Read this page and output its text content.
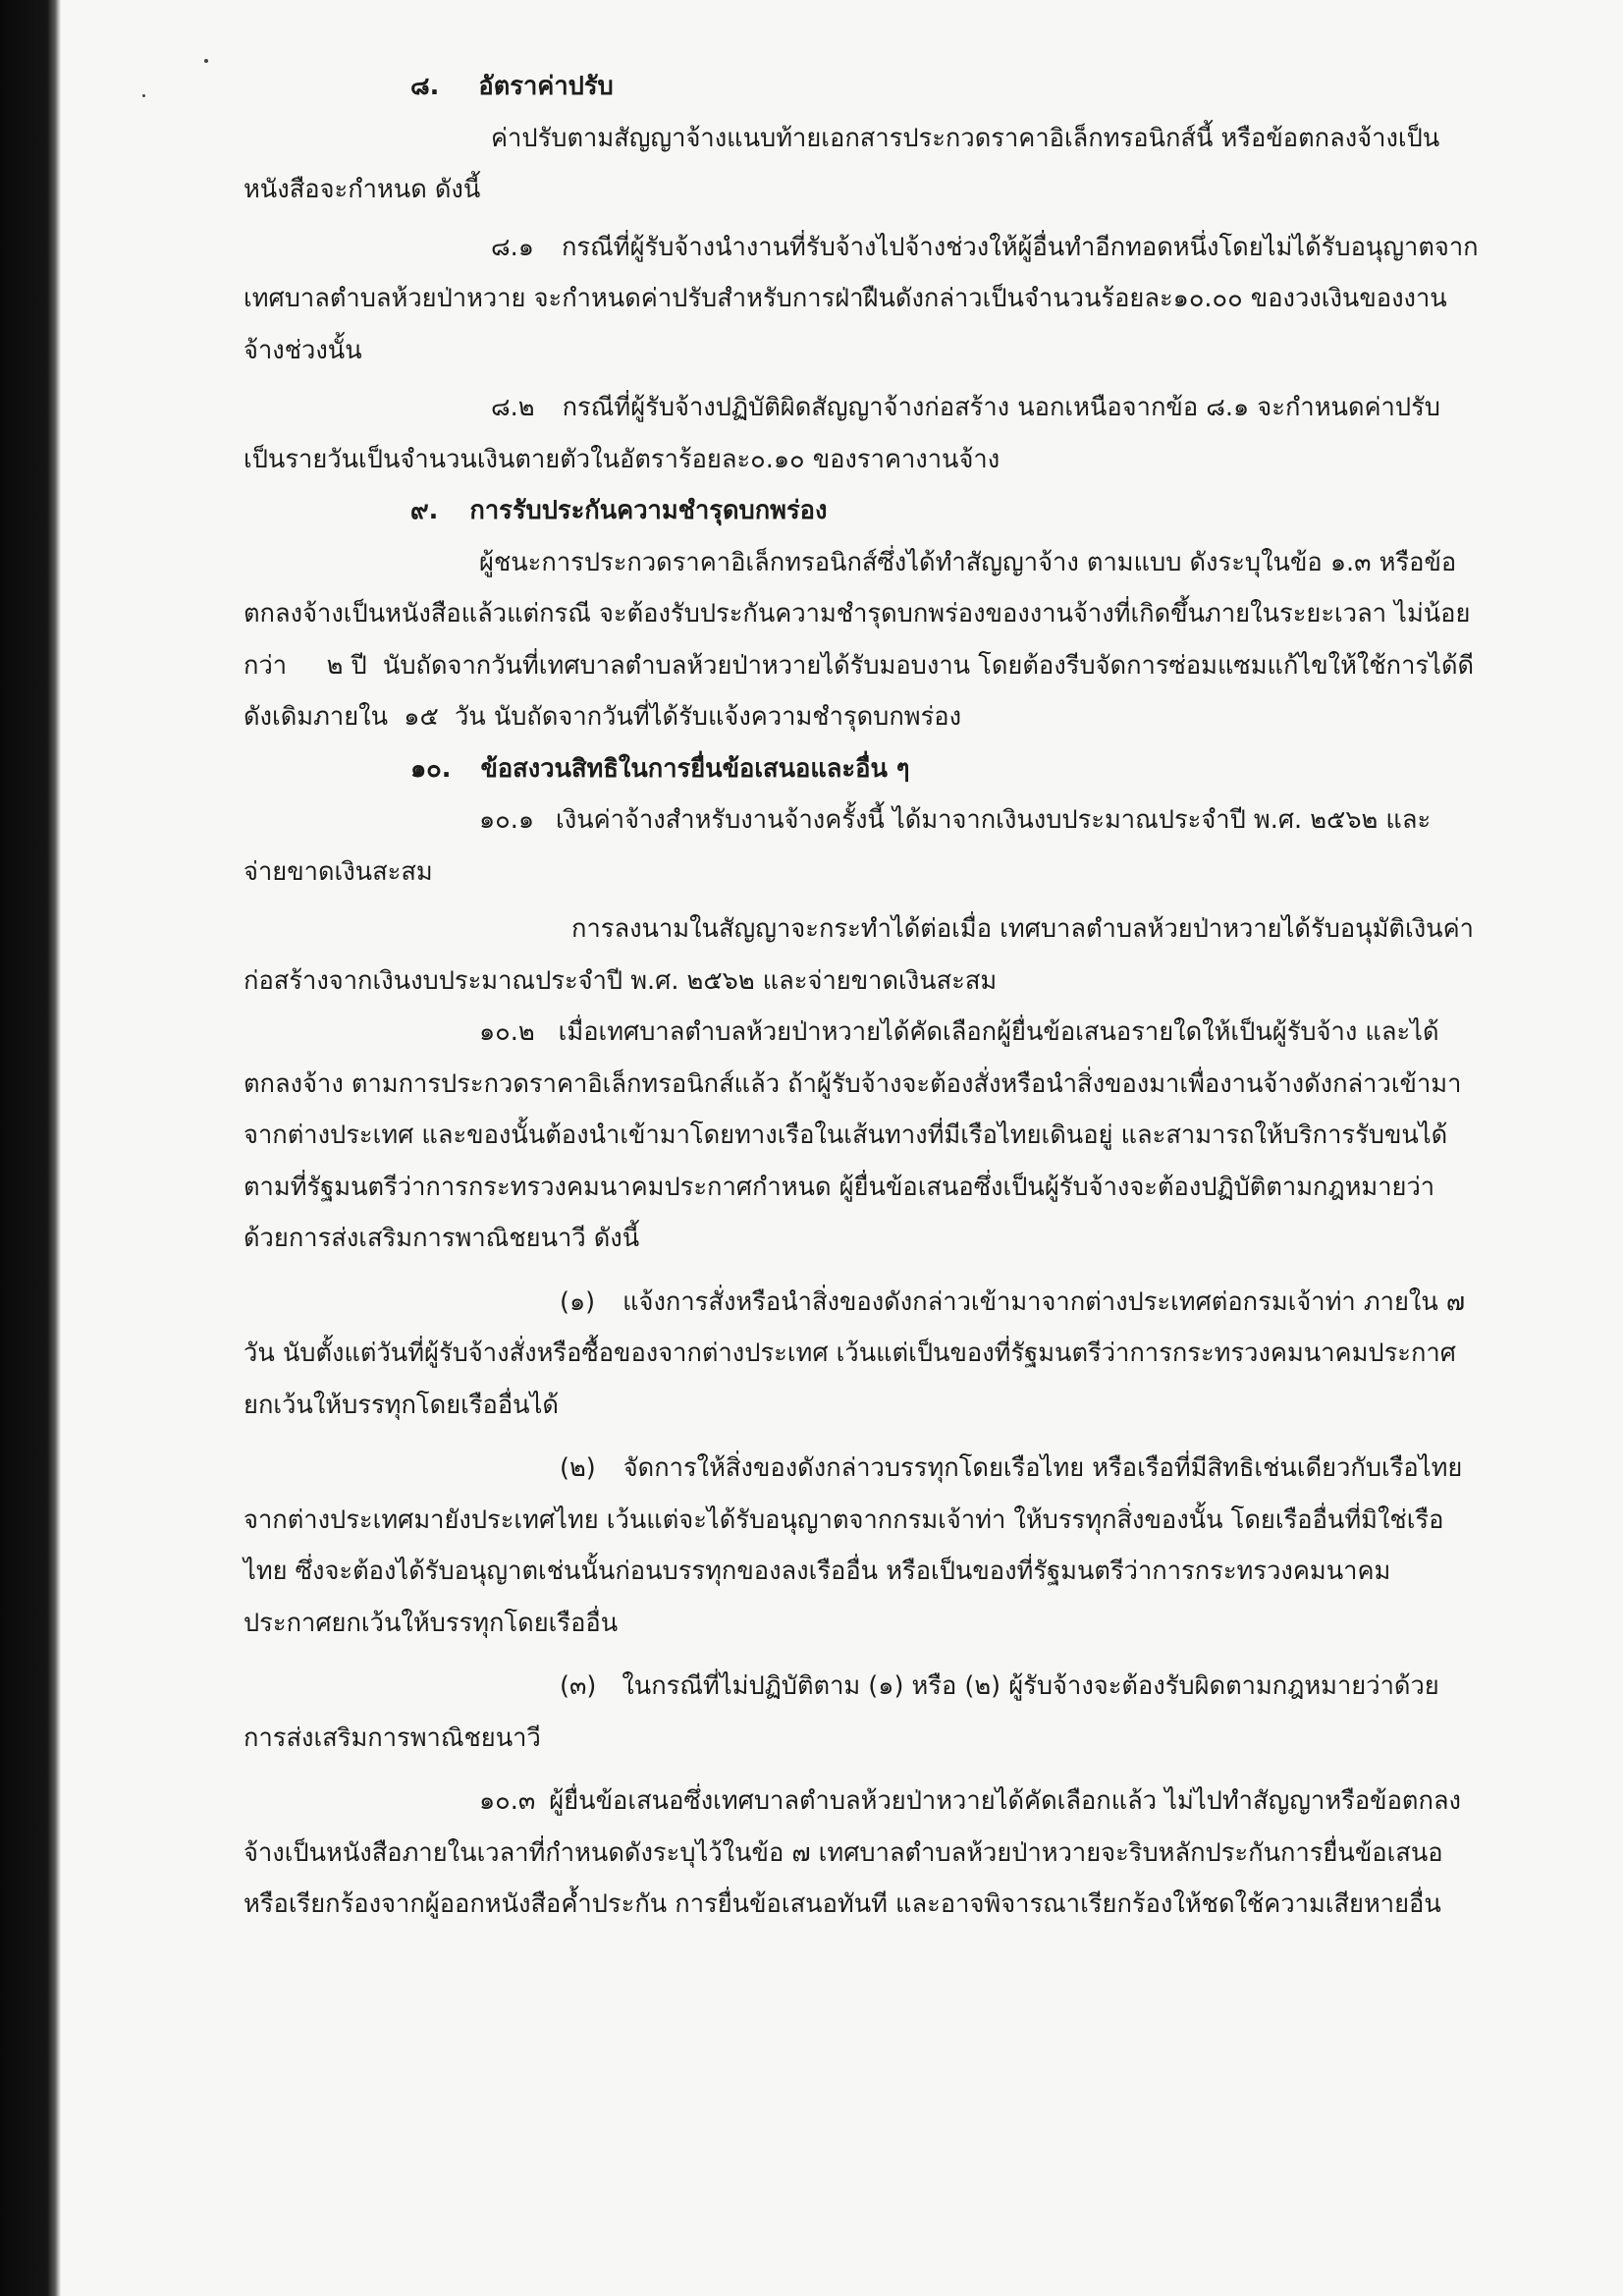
๘. อัตราค่าปรับ

ค่าปรับตามสัญญาจ้างแนบท้ายเอกสารประกวดราคาอิเล็กทรอนิกส์นี้ หรือข้อตกลงจ้างเป็น

หนังสือจะกำหนด ดังนี้

๘.๑ กรณีที่ผู้รับจ้างนำงานที่รับจ้างไปจ้างช่วงให้ผู้อื่นทำอีกทอดหนึ่งโดยไม่ได้รับอนุญาตจาก

เทศบาลตำบลห้วยป่าหวาย จะกำหนดค่าปรับสำหรับการฝ่าฝืนดังกล่าวเป็นจำนวนร้อยละ๑๐.๐๐ ของวงเงินของงาน

จ้างช่วงนั้น

๘.๒ กรณีที่ผู้รับจ้างปฏิบัติผิดสัญญาจ้างก่อสร้าง นอกเหนือจากข้อ ๘.๑ จะกำหนดค่าปรับ

เป็นรายวันเป็นจำนวนเงินตายตัวในอัตราร้อยละ๐.๑๐ ของราคางานจ้าง

๙. การรับประกันความชำรุดบกพร่อง

ผู้ชนะการประกวดราคาอิเล็กทรอนิกส์ซึ่งได้ทำสัญญาจ้าง ตามแบบ ดังระบุในข้อ ๑.๓ หรือข้อ

ตกลงจ้างเป็นหนังสือแล้วแต่กรณี จะต้องรับประกันความชำรุดบกพร่องของงานจ้างที่เกิดขึ้นภายในระยะเวลา ไม่น้อย

กว่า     ๒ ปี  นับถัดจากวันที่เทศบาลตำบลห้วยป่าหวายได้รับมอบงาน โดยต้องรีบจัดการซ่อมแซมแก้ไขให้ใช้การได้ดี

ดังเดิมภายใน  ๑๕  วัน นับถัดจากวันที่ได้รับแจ้งความชำรุดบกพร่อง

๑๐. ข้อสงวนสิทธิในการยื่นข้อเสนอและอื่น ๆ

๑๐.๑ เงินค่าจ้างสำหรับงานจ้างครั้งนี้ ได้มาจากเงินงบประมาณประจำปี พ.ศ. ๒๕๖๒ และ

จ่ายขาดเงินสะสม

การลงนามในสัญญาจะกระทำได้ต่อเมื่อ เทศบาลตำบลห้วยป่าหวายได้รับอนุมัติเงินค่า

ก่อสร้างจากเงินงบประมาณประจำปี พ.ศ. ๒๕๖๒ และจ่ายขาดเงินสะสม

๑๐.๒ เมื่อเทศบาลตำบลห้วยป่าหวายได้คัดเลือกผู้ยื่นข้อเสนอรายใดให้เป็นผู้รับจ้าง และได้

ตกลงจ้าง ตามการประกวดราคาอิเล็กทรอนิกส์แล้ว ถ้าผู้รับจ้างจะต้องสั่งหรือนำสิ่งของมาเพื่องานจ้างดังกล่าวเข้ามา

จากต่างประเทศ และของนั้นต้องนำเข้ามาโดยทางเรือในเส้นทางที่มีเรือไทยเดินอยู่ และสามารถให้บริการรับขนได้

ตามที่รัฐมนตรีว่าการกระทรวงคมนาคมประกาศกำหนด ผู้ยื่นข้อเสนอซึ่งเป็นผู้รับจ้างจะต้องปฏิบัติตามกฎหมายว่า

ด้วยการส่งเสริมการพาณิชยนาวี ดังนี้

(๑) แจ้งการสั่งหรือนำสิ่งของดังกล่าวเข้ามาจากต่างประเทศต่อกรมเจ้าท่า ภายใน ๗

วัน นับตั้งแต่วันที่ผู้รับจ้างสั่งหรือซื้อของจากต่างประเทศ เว้นแต่เป็นของที่รัฐมนตรีว่าการกระทรวงคมนาคมประกาศ

ยกเว้นให้บรรทุกโดยเรืออื่นได้

(๒) จัดการให้สิ่งของดังกล่าวบรรทุกโดยเรือไทย หรือเรือที่มีสิทธิเช่นเดียวกับเรือไทย

จากต่างประเทศมายังประเทศไทย เว้นแต่จะได้รับอนุญาตจากกรมเจ้าท่า ให้บรรทุกสิ่งของนั้น โดยเรืออื่นที่มิใช่เรือ

ไทย ซึ่งจะต้องได้รับอนุญาตเช่นนั้นก่อนบรรทุกของลงเรืออื่น หรือเป็นของที่รัฐมนตรีว่าการกระทรวงคมนาคม

ประกาศยกเว้นให้บรรทุกโดยเรืออื่น

(๓) ในกรณีที่ไม่ปฏิบัติตาม (๑) หรือ (๒) ผู้รับจ้างจะต้องรับผิดตามกฎหมายว่าด้วย

การส่งเสริมการพาณิชยนาวี

๑๐.๓ ผู้ยื่นข้อเสนอซึ่งเทศบาลตำบลห้วยป่าหวายได้คัดเลือกแล้ว ไม่ไปทำสัญญาหรือข้อตกลง

จ้างเป็นหนังสือภายในเวลาที่กำหนดดังระบุไว้ในข้อ ๗ เทศบาลตำบลห้วยป่าหวายจะริบหลักประกันการยื่นข้อเสนอ

หรือเรียกร้องจากผู้ออกหนังสือค้ำประกัน การยื่นข้อเสนอทันที และอาจพิจารณาเรียกร้องให้ชดใช้ความเสียหายอื่น
